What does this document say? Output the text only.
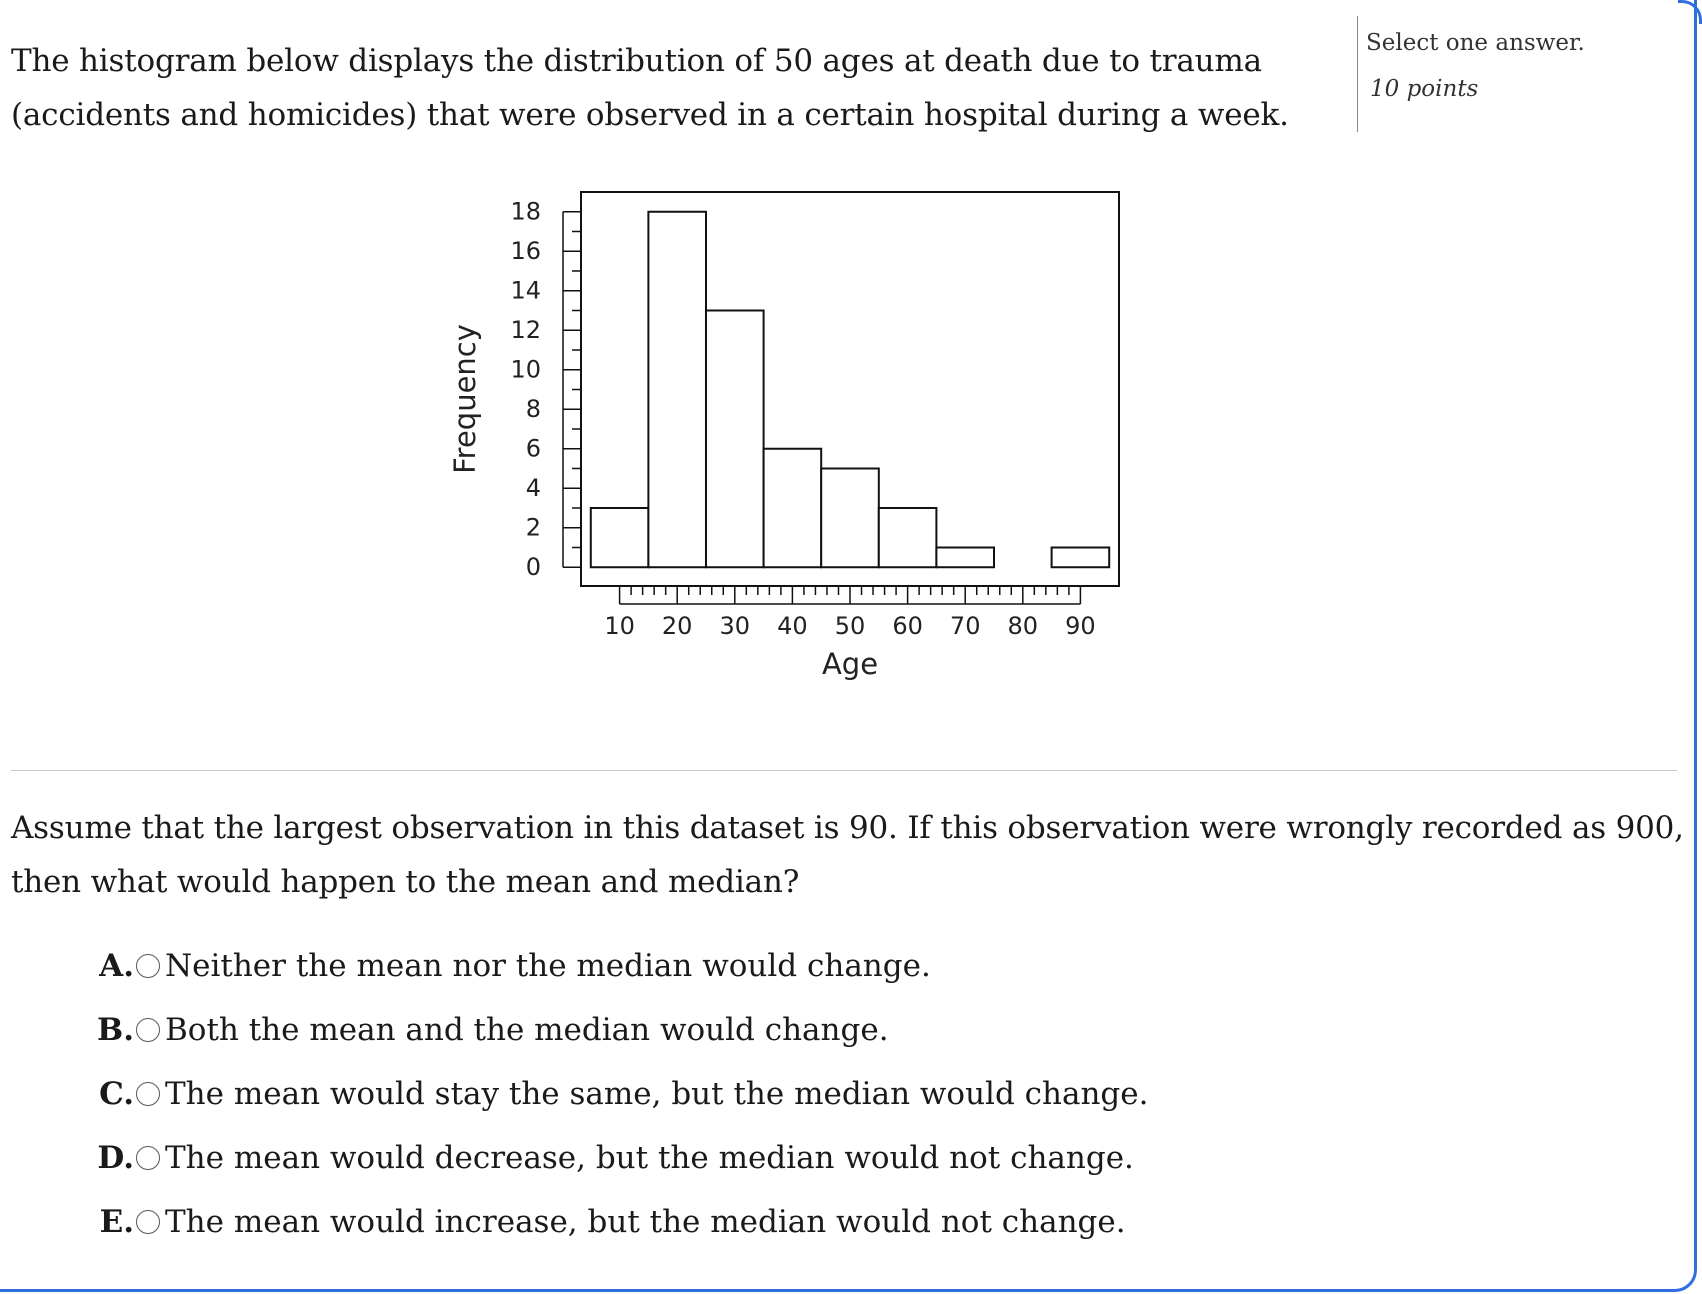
The histogram below displays the distribution of 50 ages at death due to trauma (accidents and homicides) that were observed in a certain hospital during a week.
Select one answer.
10 points
0
2
4
6
8
10
12
14
16
18
10 20 30 40 50 60 70 80 90
Age
Frequency
Assume that the largest observation in this dataset is 90. If this observation were wrongly recorded as 900, then what would happen to the mean and median?
A. Neither the mean nor the median would change.
B. Both the mean and the median would change.
C. The mean would stay the same, but the median would change.
D. The mean would decrease, but the median would not change.
E. The mean would increase, but the median would not change.
